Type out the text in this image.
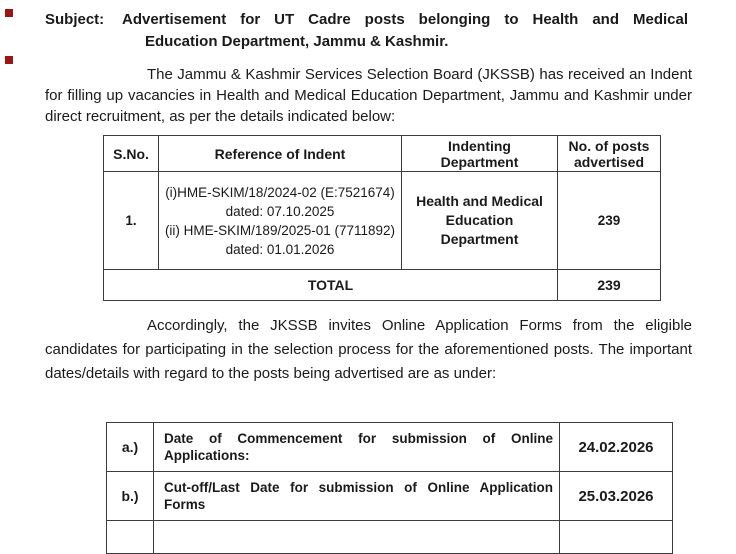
Subject: Advertisement for UT Cadre posts belonging to Health and Medical
Education Department, Jammu & Kashmir.
The Jammu & Kashmir Services Selection Board (JKSSB) has received an Indent
for filling up vacancies in Health and Medical Education Department, Jammu and Kashmir under
direct recruitment, as per the details indicated below:
S.No.	Reference of Indent	Indenting Department	No. of posts advertised

1.	(i)HME-SKIM/18/2024-02 (E:7521674)
dated: 07.10.2025
(ii) HME-SKIM/189/2025-01 (7711892)
dated: 01.01.2026	Health and Medical Education Department	239
TOTAL			239
Accordingly, the JKSSB invites Online Application Forms from the eligible
candidates for participating in the selection process for the aforementioned posts. The important
dates/details with regard to the posts being advertised are as under:
a.)	Date of Commencement for submission of Online Applications:	24.02.2026
b.)	Cut-off/Last Date for submission of Online Application Forms	25.03.2026
